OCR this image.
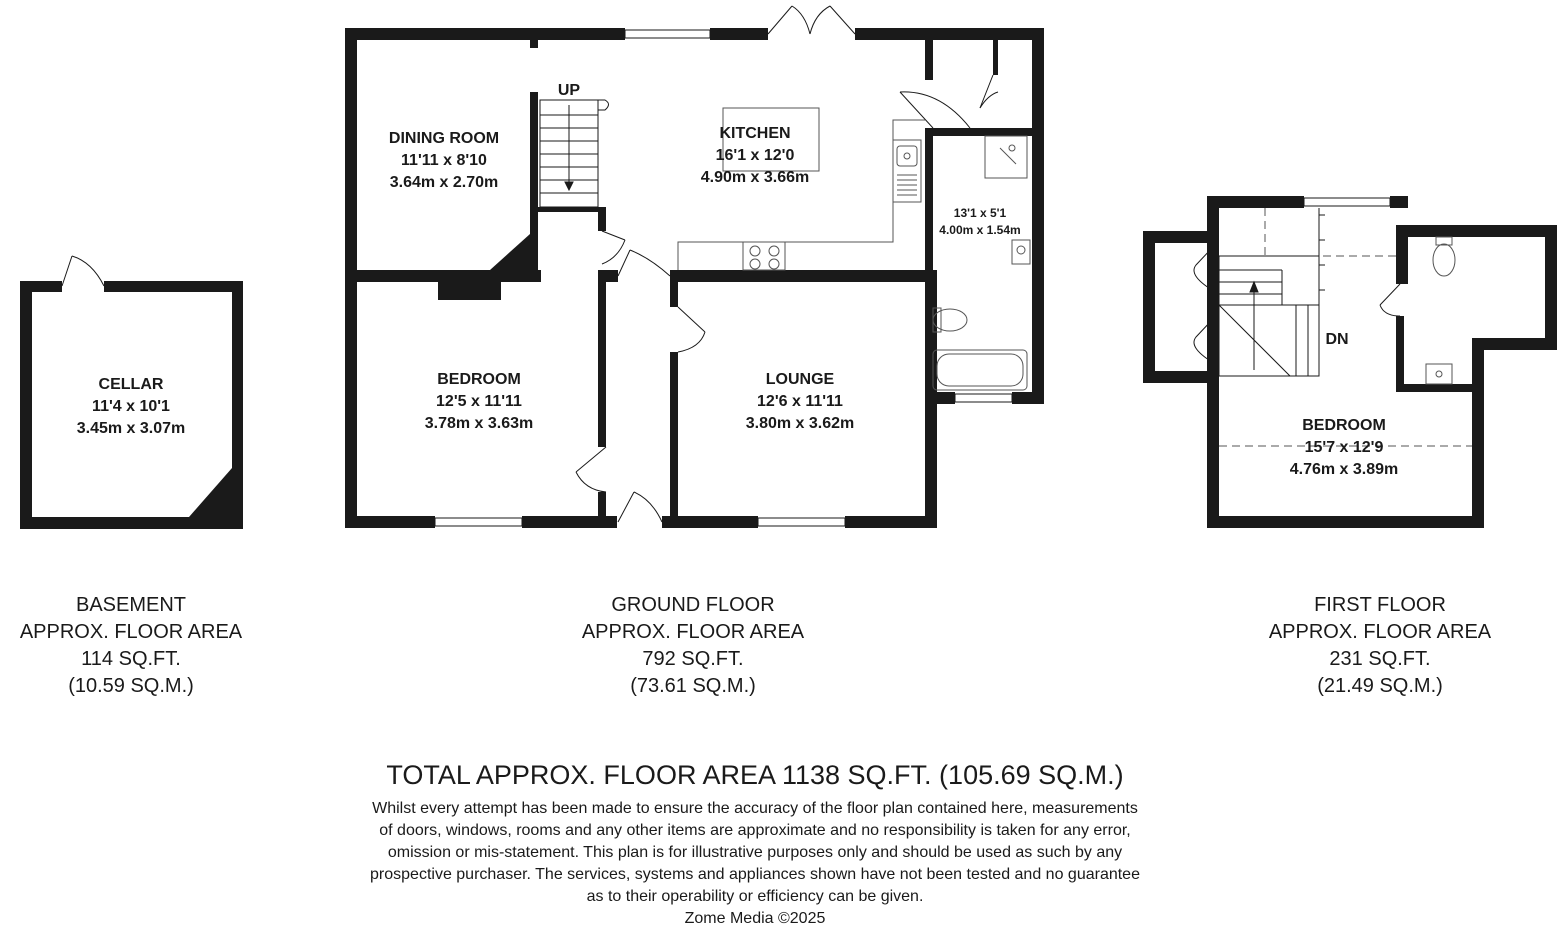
CELLAR
11'4 x 10'1
3.45m x 3.07m
UP
DINING ROOM
11'11 x 8'10
3.64m x 2.70m
KITCHEN
16'1 x 12'0
4.90m x 3.66m
BEDROOM
12'5 x 11'11
3.78m x 3.63m
LOUNGE
12'6 x 11'11
3.80m x 3.62m
13'1 x 5'1
4.00m x 1.54m
DN
BEDROOM
15'7 x 12'9
4.76m x 3.89m
BASEMENT
APPROX. FLOOR AREA
114 SQ.FT.
(10.59 SQ.M.)
GROUND FLOOR
APPROX. FLOOR AREA
792 SQ.FT.
(73.61 SQ.M.)
FIRST FLOOR
APPROX. FLOOR AREA
231 SQ.FT.
(21.49 SQ.M.)
TOTAL APPROX. FLOOR AREA 1138 SQ.FT. (105.69 SQ.M.)
Whilst every attempt has been made to ensure the accuracy of the floor plan contained here, measurements
of doors, windows, rooms and any other items are approximate and no responsibility is taken for any error,
omission or mis-statement. This plan is for illustrative purposes only and should be used as such by any
prospective purchaser. The services, systems and appliances shown have not been tested and no guarantee
as to their operability or efficiency can be given.
Zome Media ©2025
